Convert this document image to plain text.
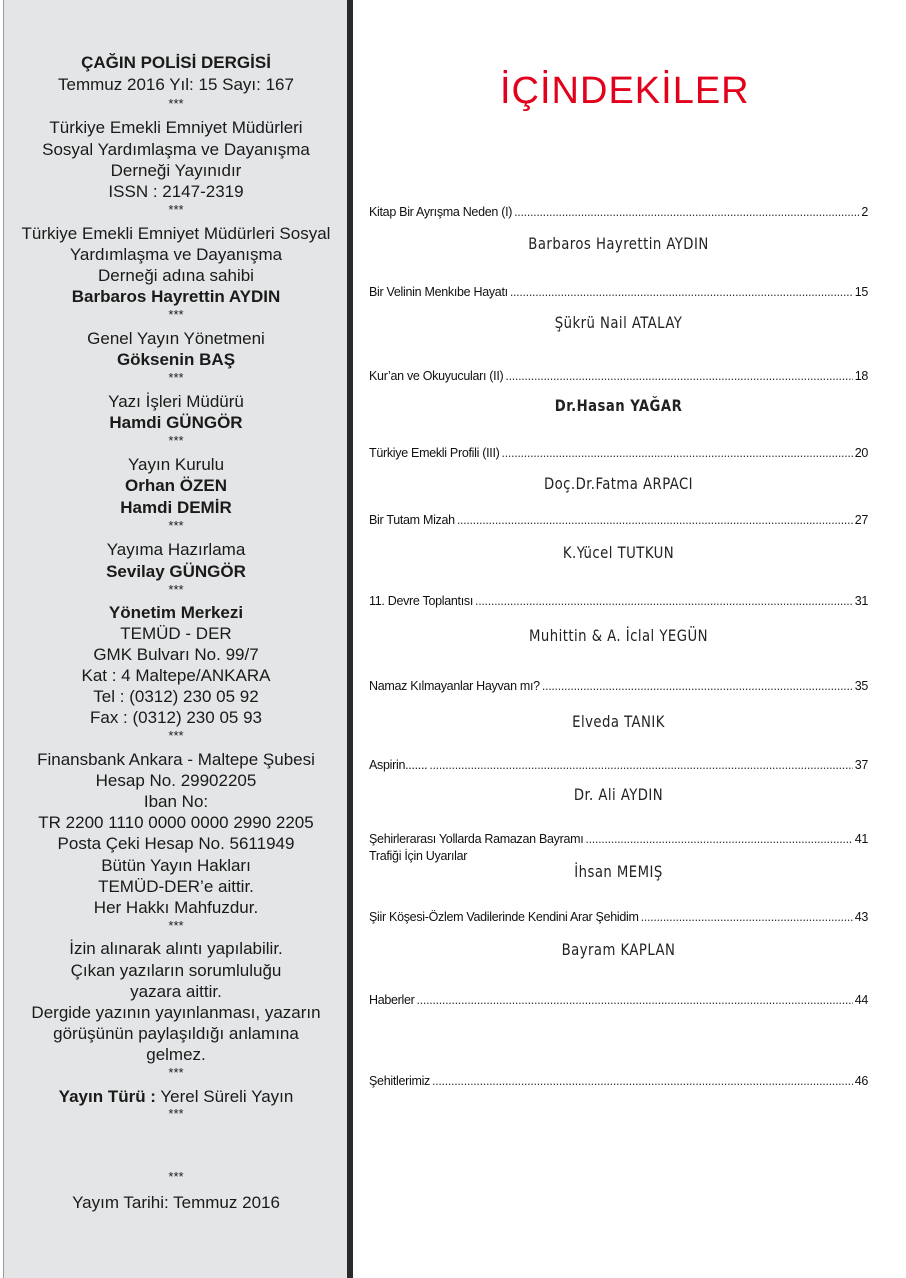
ÇAĞIN POLİSİ DERGİSİ
Temmuz 2016 Yıl: 15 Sayı: 167
***
Türkiye Emekli Emniyet Müdürleri
Sosyal Yardımlaşma ve Dayanışma
Derneği Yayınıdır
ISSN : 2147-2319
***
Türkiye Emekli Emniyet Müdürleri Sosyal
Yardımlaşma ve Dayanışma
Derneği adına sahibi
Barbaros Hayrettin AYDIN
***
Genel Yayın Yönetmeni
Göksenin BAŞ
***
Yazı İşleri Müdürü
Hamdi GÜNGÖR
***
Yayın Kurulu
Orhan ÖZEN
Hamdi DEMİR
***
Yayıma Hazırlama
Sevilay GÜNGÖR
***
Yönetim Merkezi
TEMÜD - DER
GMK Bulvarı No. 99/7
Kat : 4 Maltepe/ANKARA
Tel : (0312) 230 05 92
Fax : (0312) 230 05 93
***
Finansbank Ankara - Maltepe Şubesi
Hesap No. 29902205
Iban No:
TR 2200 1110 0000 0000 2990 2205
Posta Çeki Hesap No. 5611949
Bütün Yayın Hakları
TEMÜD-DER’e aittir.
Her Hakkı Mahfuzdur.
***
İzin alınarak alıntı yapılabilir.
Çıkan yazıların sorumluluğu
yazara aittir.
Dergide yazının yayınlanması, yazarın
görüşünün paylaşıldığı anlamına
gelmez.
***
Yayın Türü : Yerel Süreli Yayın
***
***
Yayım Tarihi: Temmuz 2016
İÇİNDEKİLER
Kitap Bir Ayrışma Neden (I) .....	2
Barbaros Hayrettin AYDIN
Bir Velinin Menkıbe Hayatı .....	15
Şükrü Nail ATALAY
Kur’an ve Okuyucuları (II) .....	18
Dr.Hasan YAĞAR
Türkiye Emekli Profili (III) .....	20
Doç.Dr.Fatma ARPACI
Bir Tutam Mizah .....	27
K.Yücel TUTKUN
11. Devre Toplantısı .....	31
Muhittin & A. İclal YEGÜN
Namaz Kılmayanlar Hayvan mı? .....	35
Elveda TANIK
Aspirin....... .....	37
Dr. Ali AYDIN
Şehirlerarası Yollarda Ramazan Bayramı .....	41
Trafiği İçin Uyarılar
İhsan MEMIŞ
Şiir Köşesi-Özlem Vadilerinde Kendini Arar Şehidim .....	43
Bayram KAPLAN
Haberler .....	44
Şehitlerimiz .....	46
